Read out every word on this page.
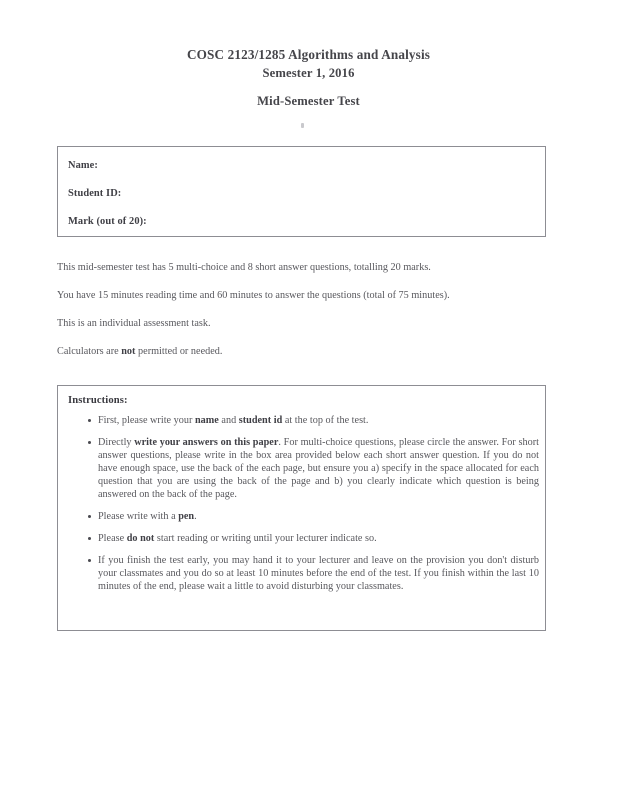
COSC 2123/1285 Algorithms and Analysis
Semester 1, 2016
Mid-Semester Test
Name:
Student ID:
Mark (out of 20):
This mid-semester test has 5 multi-choice and 8 short answer questions, totalling 20 marks.
You have 15 minutes reading time and 60 minutes to answer the questions (total of 75 minutes).
This is an individual assessment task.
Calculators are not permitted or needed.
Instructions:
First, please write your name and student id at the top of the test.
Directly write your answers on this paper. For multi-choice questions, please circle the answer. For short answer questions, please write in the box area provided below each short answer question. If you do not have enough space, use the back of the each page, but ensure you a) specify in the space allocated for each question that you are using the back of the page and b) you clearly indicate which question is being answered on the back of the page.
Please write with a pen.
Please do not start reading or writing until your lecturer indicate so.
If you finish the test early, you may hand it to your lecturer and leave on the provision you don't disturb your classmates and you do so at least 10 minutes before the end of the test. If you finish within the last 10 minutes of the end, please wait a little to avoid disturbing your classmates.
